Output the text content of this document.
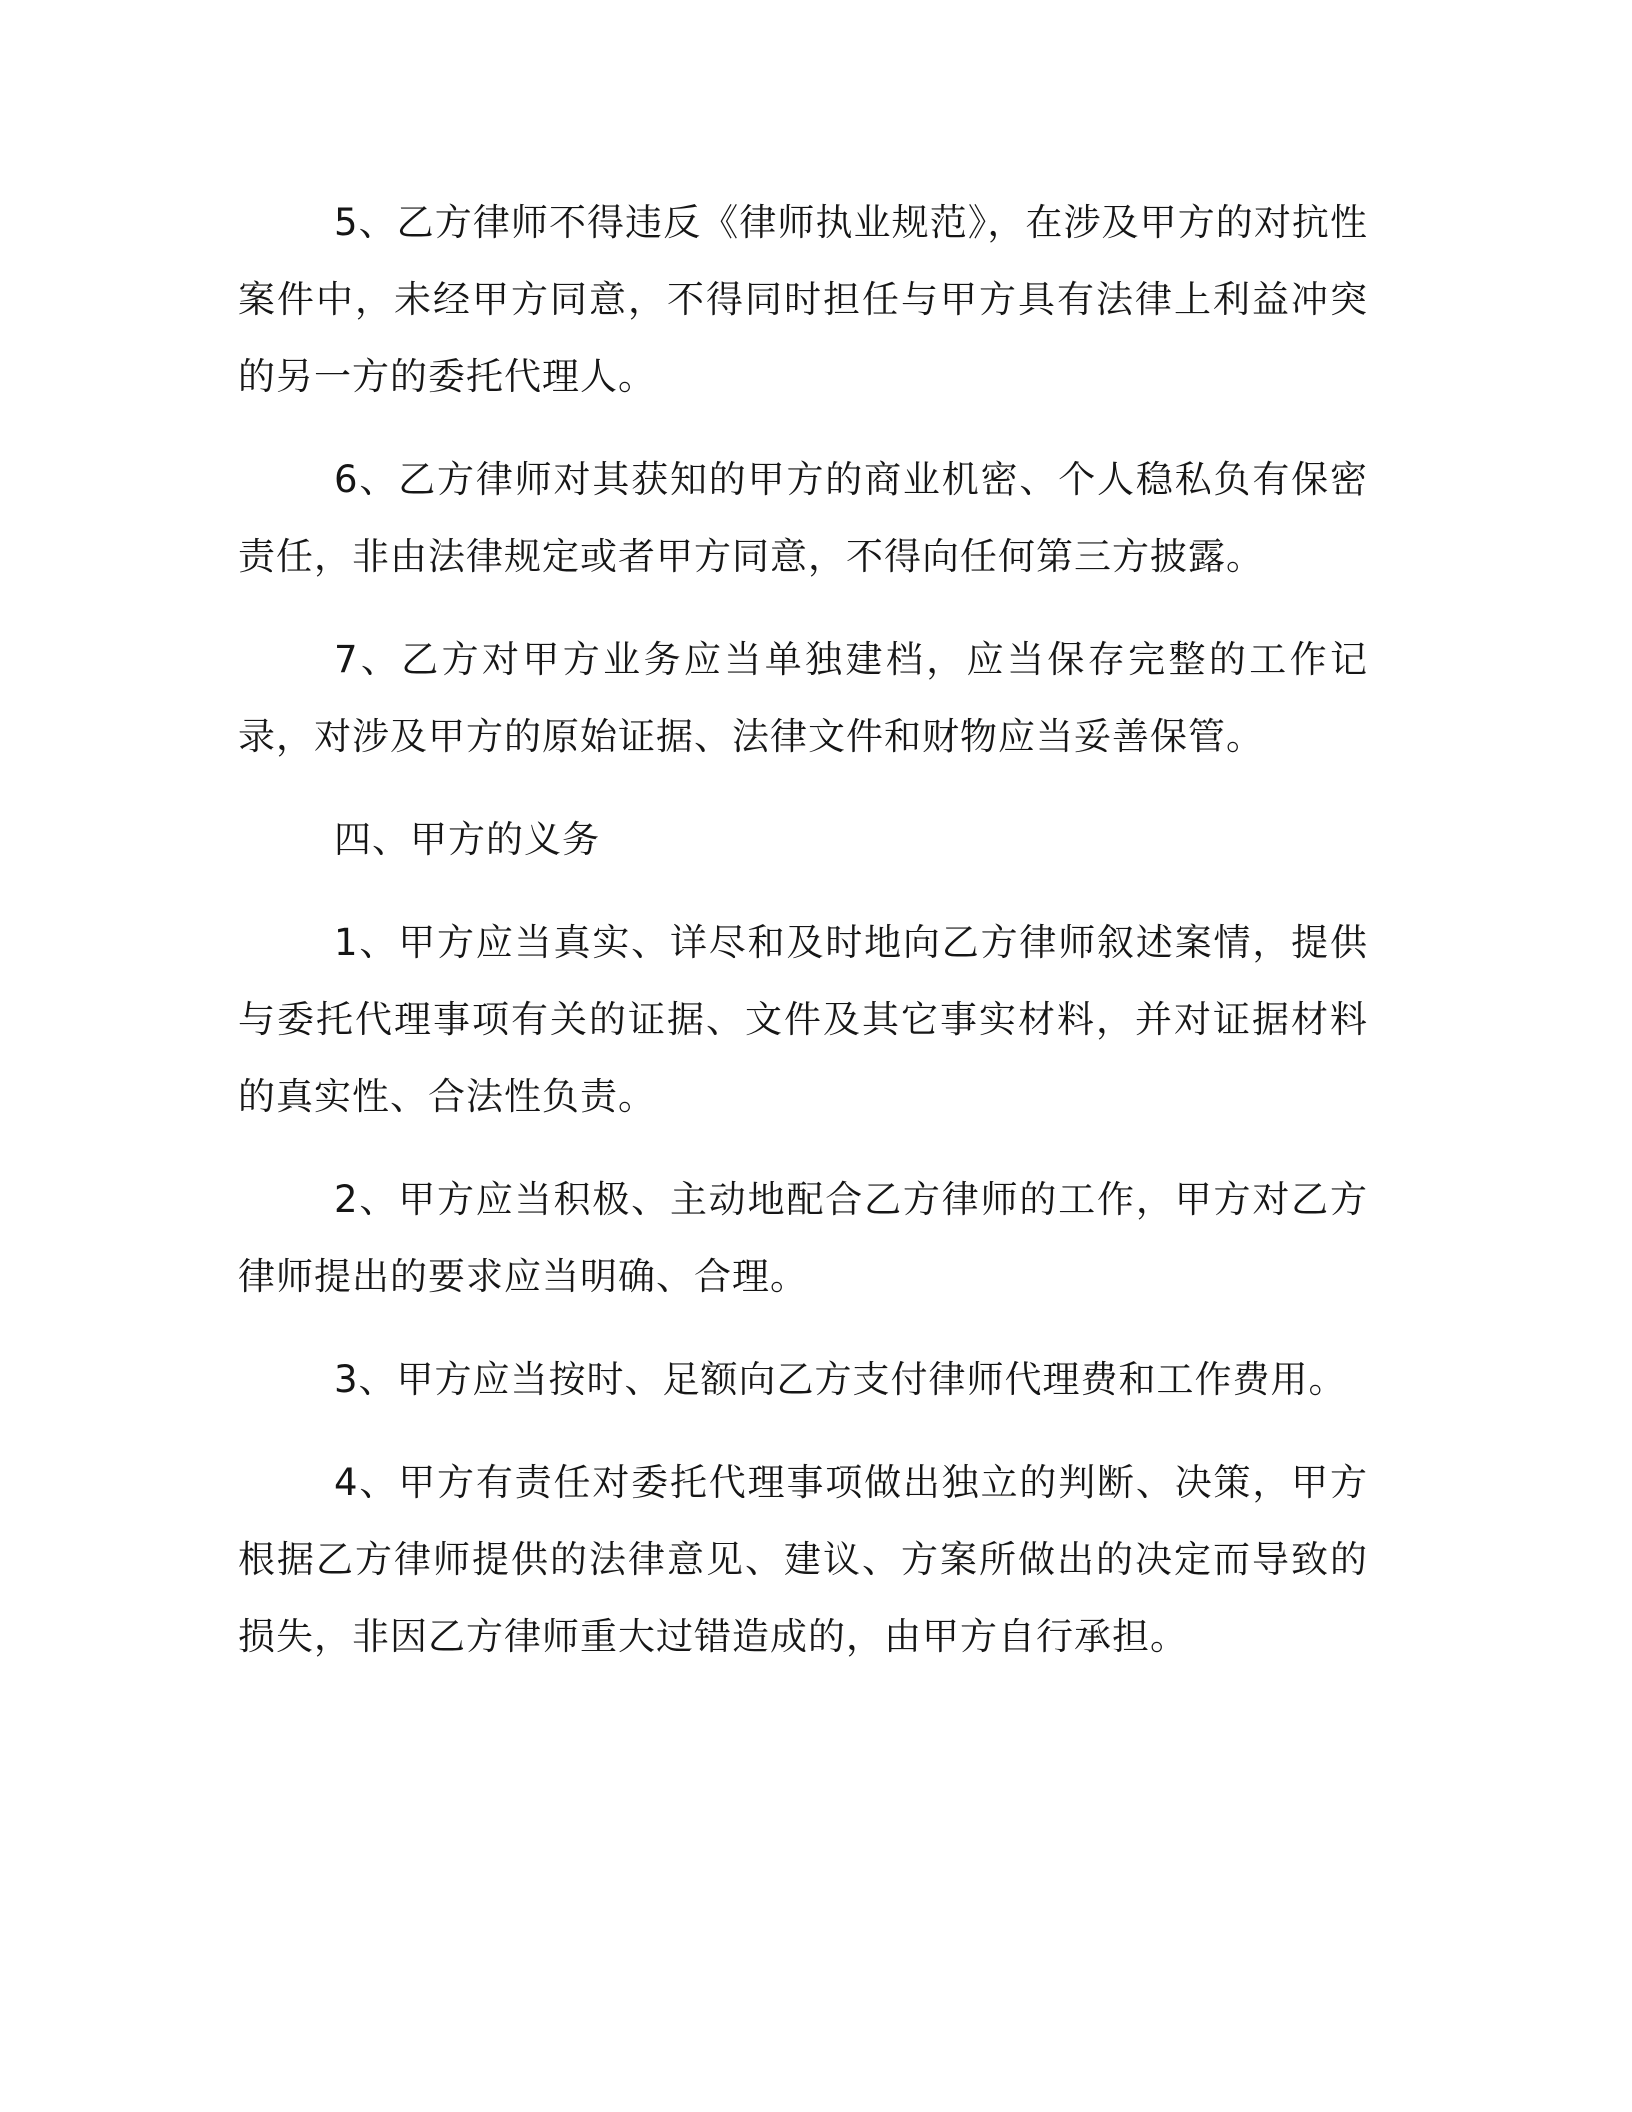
5、乙方律师不得违反《律师执业规范》，在涉及甲方的对抗性案件中，未经甲方同意，不得同时担任与甲方具有法律上利益冲突的另一方的委托代理人。

6、乙方律师对其获知的甲方的商业机密、个人稳私负有保密责任，非由法律规定或者甲方同意，不得向任何第三方披露。

7、乙方对甲方业务应当单独建档，应当保存完整的工作记录，对涉及甲方的原始证据、法律文件和财物应当妥善保管。

四、甲方的义务

1、甲方应当真实、详尽和及时地向乙方律师叙述案情，提供与委托代理事项有关的证据、文件及其它事实材料，并对证据材料的真实性、合法性负责。

2、甲方应当积极、主动地配合乙方律师的工作，甲方对乙方律师提出的要求应当明确、合理。

3、甲方应当按时、足额向乙方支付律师代理费和工作费用。

4、甲方有责任对委托代理事项做出独立的判断、决策，甲方根据乙方律师提供的法律意见、建议、方案所做出的决定而导致的损失，非因乙方律师重大过错造成的，由甲方自行承担。
